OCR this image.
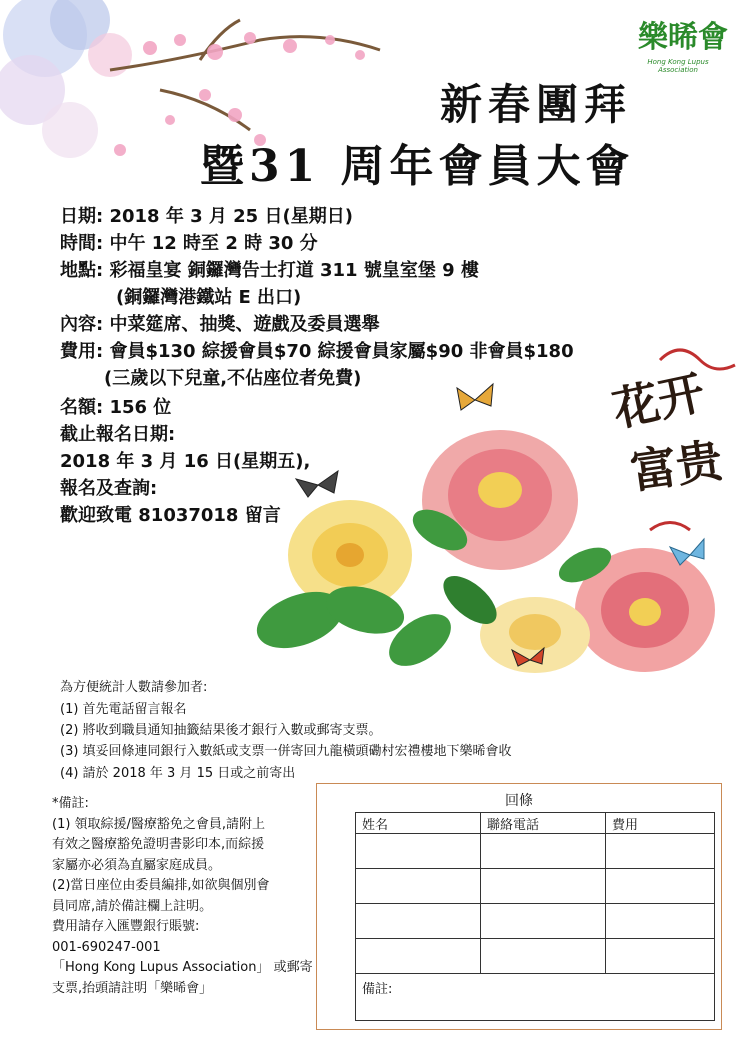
花开
富贵
樂晞會
Hong Kong Lupus Association
新春團拜
暨31 周年會員大會
日期: 2018 年 3 月 25 日(星期日)
時間: 中午 12 時至 2 時 30 分
地點: 彩福皇宴 銅鑼灣告士打道 311 號皇室堡 9 樓
(銅鑼灣港鐵站 E 出口)
內容: 中菜筵席、抽獎、遊戲及委員選舉
費用: 會員$130 綜援會員$70 綜援會員家屬$90 非會員$180
(三歲以下兒童,不佔座位者免費)
名額: 156 位
截止報名日期:
2018 年 3 月 16 日(星期五),
報名及查詢:
歡迎致電 81037018 留言
為方便統計人數請參加者:
(1) 首先電話留言報名
(2) 將收到職員通知抽籤結果後才銀行入數或郵寄支票。
(3) 填妥回條連同銀行入數紙或支票一併寄回九龍橫頭磡村宏禮樓地下樂晞會收
(4) 請於 2018 年 3 月 15 日或之前寄出
*備註:
(1) 領取綜援/醫療豁免之會員,請附上
有效之醫療豁免證明書影印本,而綜援
家屬亦必須為直屬家庭成員。
(2)當日座位由委員編排,如欲與個別會
員同席,請於備註欄上註明。
費用請存入匯豐銀行賬號:
001-690247-001
「Hong Kong Lupus Association」 或郵寄
支票,抬頭請註明「樂晞會」
回條
姓名	聯絡電話	費用

備註:		
